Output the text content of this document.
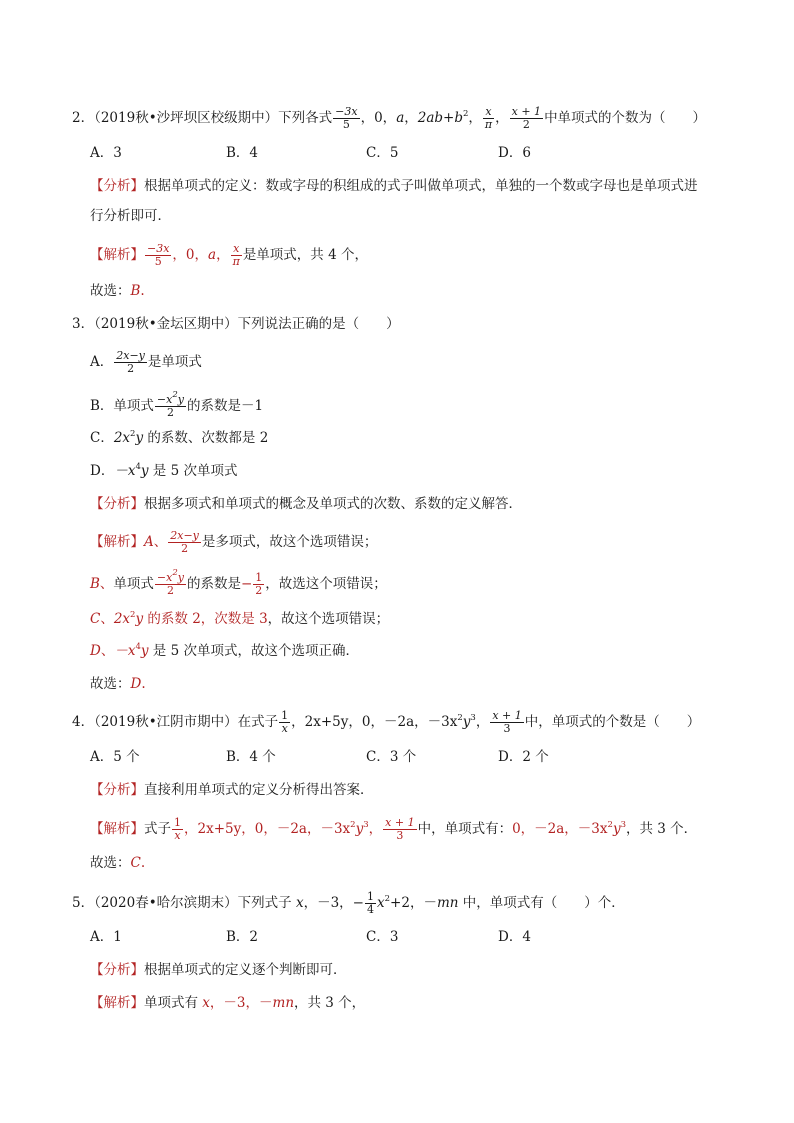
2．（2019秋•沙坪坝区校级期中）下列各式 $\frac{-3x}{5}$ ，0，a，$2ab+b^2$， $\frac{x}{\pi}$ ， $\frac{x + 1}{2}$ 中单项式的个数为（　　）
A．3	B．4	C．5	D．6
【分析】根据单项式的定义：数或字母的积组成的式子叫做单项式，单独的一个数或字母也是单项式进
行分析即可．
【解析】 $\frac{-3x}{5}$ ，0，a， $\frac{x}{\pi}$ 是单项式，共 4 个，
故选：B.
3．（2019秋•金坛区期中）下列说法正确的是（　　）
A． $\frac{2x-y}{2}$ 是单项式
B．单项式 $\frac{-x^2y}{2}$ 的系数是－1
C．$2x^2y$ 的系数、次数都是 2
D．$-x^4y$ 是 5 次单项式
【分析】根据多项式和单项式的概念及单项式的次数、系数的定义解答．
【解析】A、 $\frac{2x-y}{2}$ 是多项式，故这个选项错误；
B、单项式 $\frac{-x^2y}{2}$ 的系数是− $\frac{1}{2}$ ，故选这个项错误；
C、$2x^2y$ 的系数 2，次数是 3，故这个选项错误；
D、$-x^4y$ 是 5 次单项式，故这个选项正确．
故选：D.
4．（2019秋•江阴市期中）在式子 $\frac{1}{x}$ ，2x+5y，0，－2a，$-3x^2y^3$， $\frac{x + 1}{3}$ 中，单项式的个数是（　　）
A．5 个	B．4 个	C．3 个	D．2 个
【分析】直接利用单项式的定义分析得出答案．
【解析】式子 $\frac{1}{x}$ ，2x+5y，0，－2a，$-3x^2y^3$， $\frac{x + 1}{3}$ 中，单项式有：0，－2a，$-3x^2y^3$，共 3 个．
故选：C.
5．（2020春•哈尔滨期末）下列式子 x，－3，− $\frac{1}{4} x^2+2$，－mn 中，单项式有（　　）个．
A．1	B．2	C．3	D．4
【分析】根据单项式的定义逐个判断即可．
【解析】单项式有 x，－3，－mn，共 3 个，
